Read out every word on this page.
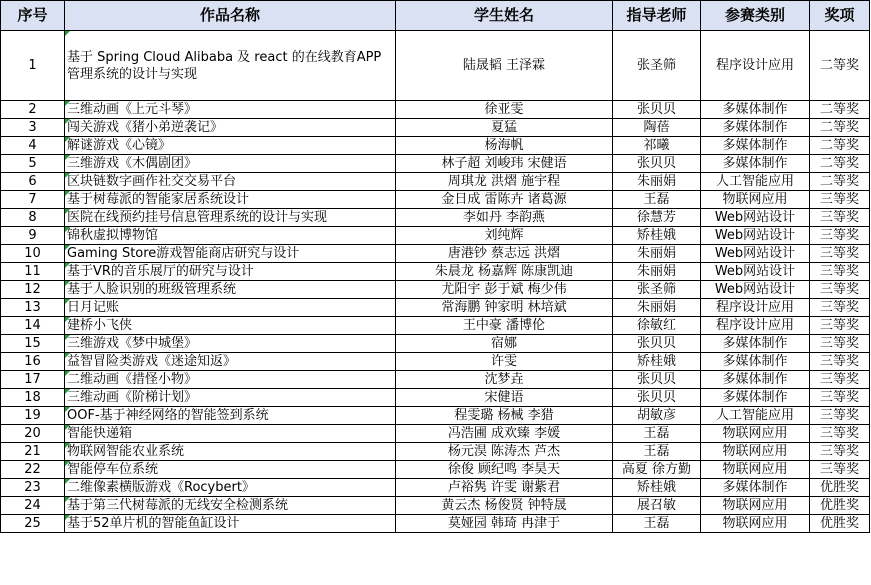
序号	作品名称	学生姓名	指导老师	参赛类别	奖项
1	基于 Spring Cloud Alibaba 及 react 的在线教育APP管理系统的设计与实现	陆晟韬 王泽霖	张圣筛	程序设计应用	二等奖
2	三维动画《上元斗琴》	徐亚雯	张贝贝	多媒体制作	二等奖
3	闯关游戏《猪小弟逆袭记》	夏猛	陶蓓	多媒体制作	二等奖
4	解谜游戏《心镜》	杨海帆	祁曦	多媒体制作	二等奖
5	三维游戏《木偶剧团》	林子超 刘峻玮 宋健语	张贝贝	多媒体制作	二等奖
6	区块链数字画作社交交易平台	周琪龙 洪熠 施宇程	朱丽娟	人工智能应用	二等奖
7	基于树莓派的智能家居系统设计	金日成 雷陈卉 诸葛源	王磊	物联网应用	三等奖
8	医院在线预约挂号信息管理系统的设计与实现	李如丹 李韵燕	徐慧芳	Web网站设计	三等奖
9	锦秋虚拟博物馆	刘纯辉	矫桂娥	Web网站设计	三等奖
10	Gaming Store游戏智能商店研究与设计	唐港钞 蔡志远 洪熠	朱丽娟	Web网站设计	三等奖
11	基于VR的音乐展厅的研究与设计	朱晨龙 杨嘉辉 陈康凯迪	朱丽娟	Web网站设计	三等奖
12	基于人脸识别的班级管理系统	尤阳宇 彭于斌 梅少伟	张圣筛	Web网站设计	三等奖
13	日月记账	常海鹏 钟家明 林培斌	朱丽娟	程序设计应用	三等奖
14	建桥小飞侠	王中豪 潘博伦	徐敏红	程序设计应用	三等奖
15	三维游戏《梦中城堡》	宿娜	张贝贝	多媒体制作	三等奖
16	益智冒险类游戏《迷途知返》	许雯	矫桂娥	多媒体制作	三等奖
17	二维动画《措怪小物》	沈梦垚	张贝贝	多媒体制作	三等奖
18	三维动画《阶梯计划》	宋健语	张贝贝	多媒体制作	三等奖
19	OOF-基于神经网络的智能签到系统	程雯璐 杨械 李猎	胡敏彦	人工智能应用	三等奖
20	智能快递箱	冯浩圃 成欢臻 李媛	王磊	物联网应用	三等奖
21	物联网智能农业系统	杨元淏 陈涛杰 芦杰	王磊	物联网应用	三等奖
22	智能停车位系统	徐俊 顾纪鸣 李昊天	高夏 徐方勤	物联网应用	三等奖
23	二维像素横版游戏《Rocybert》	卢裕隽 许雯 谢紫君	矫桂娥	多媒体制作	优胜奖
24	基于第三代树莓派的无线安全检测系统	黄云杰 杨俊贤 钟特晟	展召敏	物联网应用	优胜奖
25	基于52单片机的智能鱼缸设计	莫娅园 韩琦 冉津于	王磊	物联网应用	优胜奖
